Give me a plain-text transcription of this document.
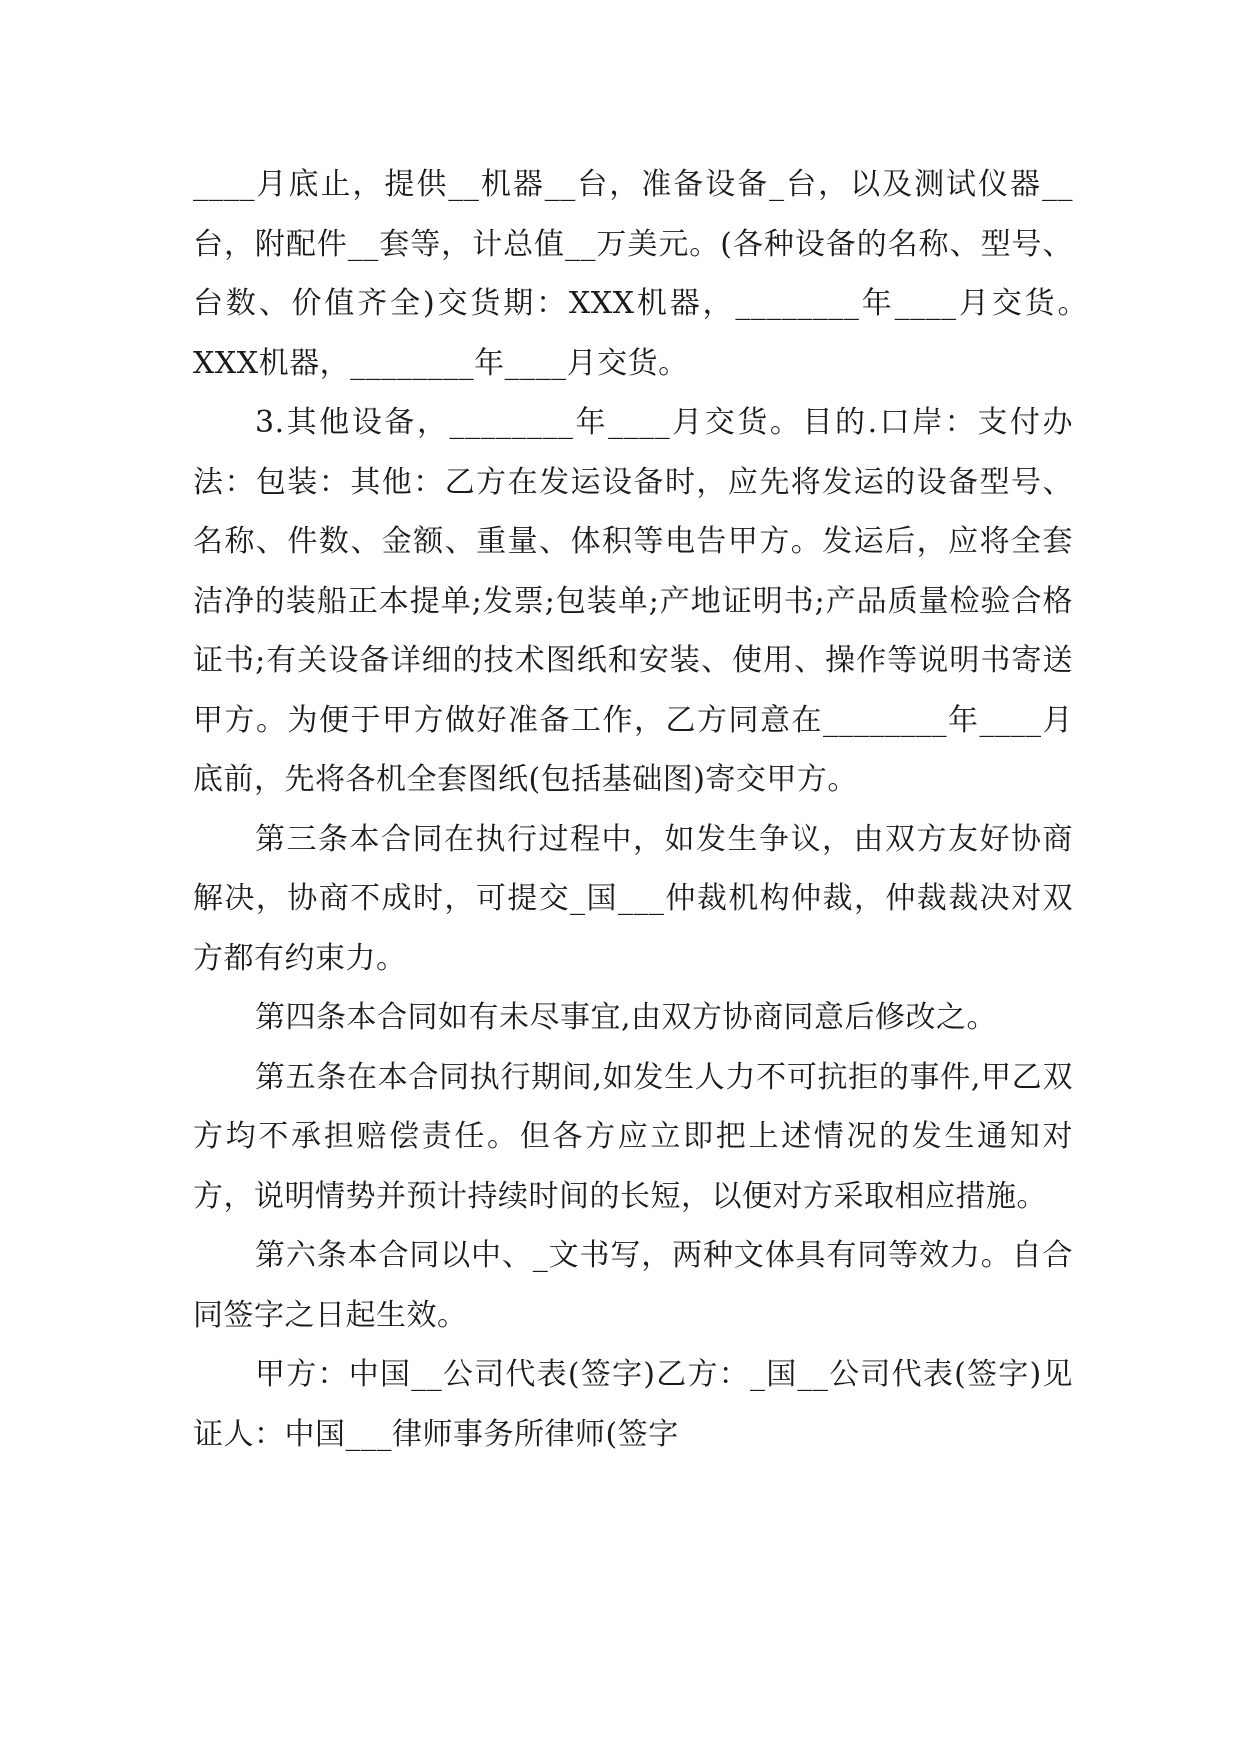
____月底止，提供__机器__台，准备设备_台，以及测试仪器__台，附配件__套等，计总值__万美元。(各种设备的名称、型号、台数、价值齐全)交货期：XXX机器，________年____月交货。　　XXX机器，________年____月交货。

3.其他设备，________年____月交货。目的.口岸：支付办法：包装：其他：乙方在发运设备时，应先将发运的设备型号、名称、件数、金额、重量、体积等电告甲方。发运后，应将全套洁净的装船正本提单;发票;包装单;产地证明书;产品质量检验合格证书;有关设备详细的技术图纸和安装、使用、操作等说明书寄送甲方。为便于甲方做好准备工作，乙方同意在________年____月底前，先将各机全套图纸(包括基础图)寄交甲方。

第三条本合同在执行过程中，如发生争议，由双方友好协商解决，协商不成时，可提交_国___仲裁机构仲裁，仲裁裁决对双方都有约束力。

第四条本合同如有未尽事宜,由双方协商同意后修改之。

第五条在本合同执行期间,如发生人力不可抗拒的事件,甲乙双方均不承担赔偿责任。但各方应立即把上述情况的发生通知对方，说明情势并预计持续时间的长短，以便对方采取相应措施。

第六条本合同以中、_文书写，两种文体具有同等效力。自合同签字之日起生效。

甲方：中国__公司代表(签字)乙方：_国__公司代表(签字)见证人：中国___律师事务所律师(签字
